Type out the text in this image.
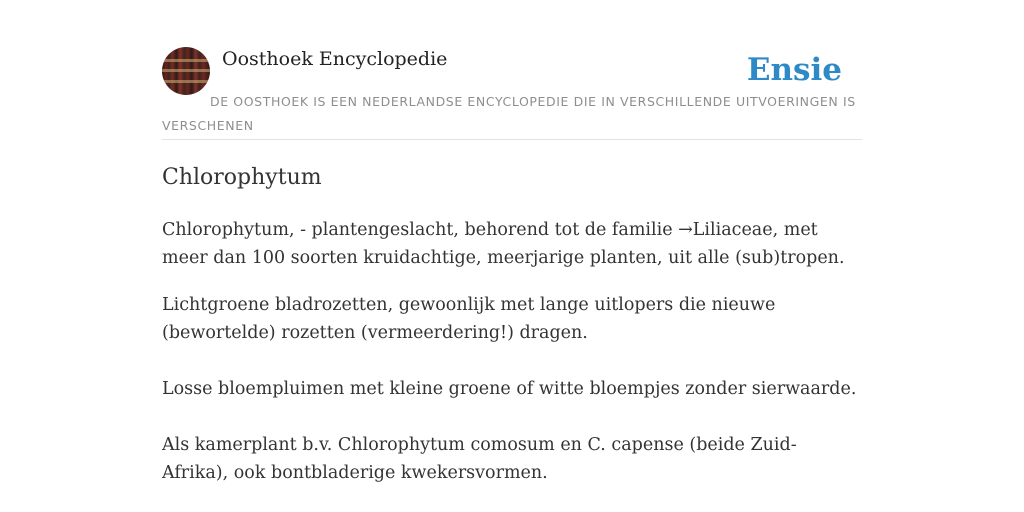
Oosthoek Encyclopedie	Ensie
DE OOSTHOEK IS EEN NEDERLANDSE ENCYCLOPEDIE DIE IN VERSCHILLENDE UITVOERINGEN IS VERSCHENEN
Chlorophytum

Chlorophytum, - plantengeslacht, behorend tot de familie →Liliaceae, met meer dan 100 soorten kruidachtige, meerjarige planten, uit alle (sub)tropen.

Lichtgroene bladrozetten, gewoonlijk met lange uitlopers die nieuwe (bewortelde) rozetten (vermeerdering!) dragen.

Losse bloempluimen met kleine groene of witte bloempjes zonder sierwaarde.

Als kamerplant b.v. Chlorophytum comosum en C. capense (beide Zuid-Afrika), ook bontbladerige kwekersvormen.
